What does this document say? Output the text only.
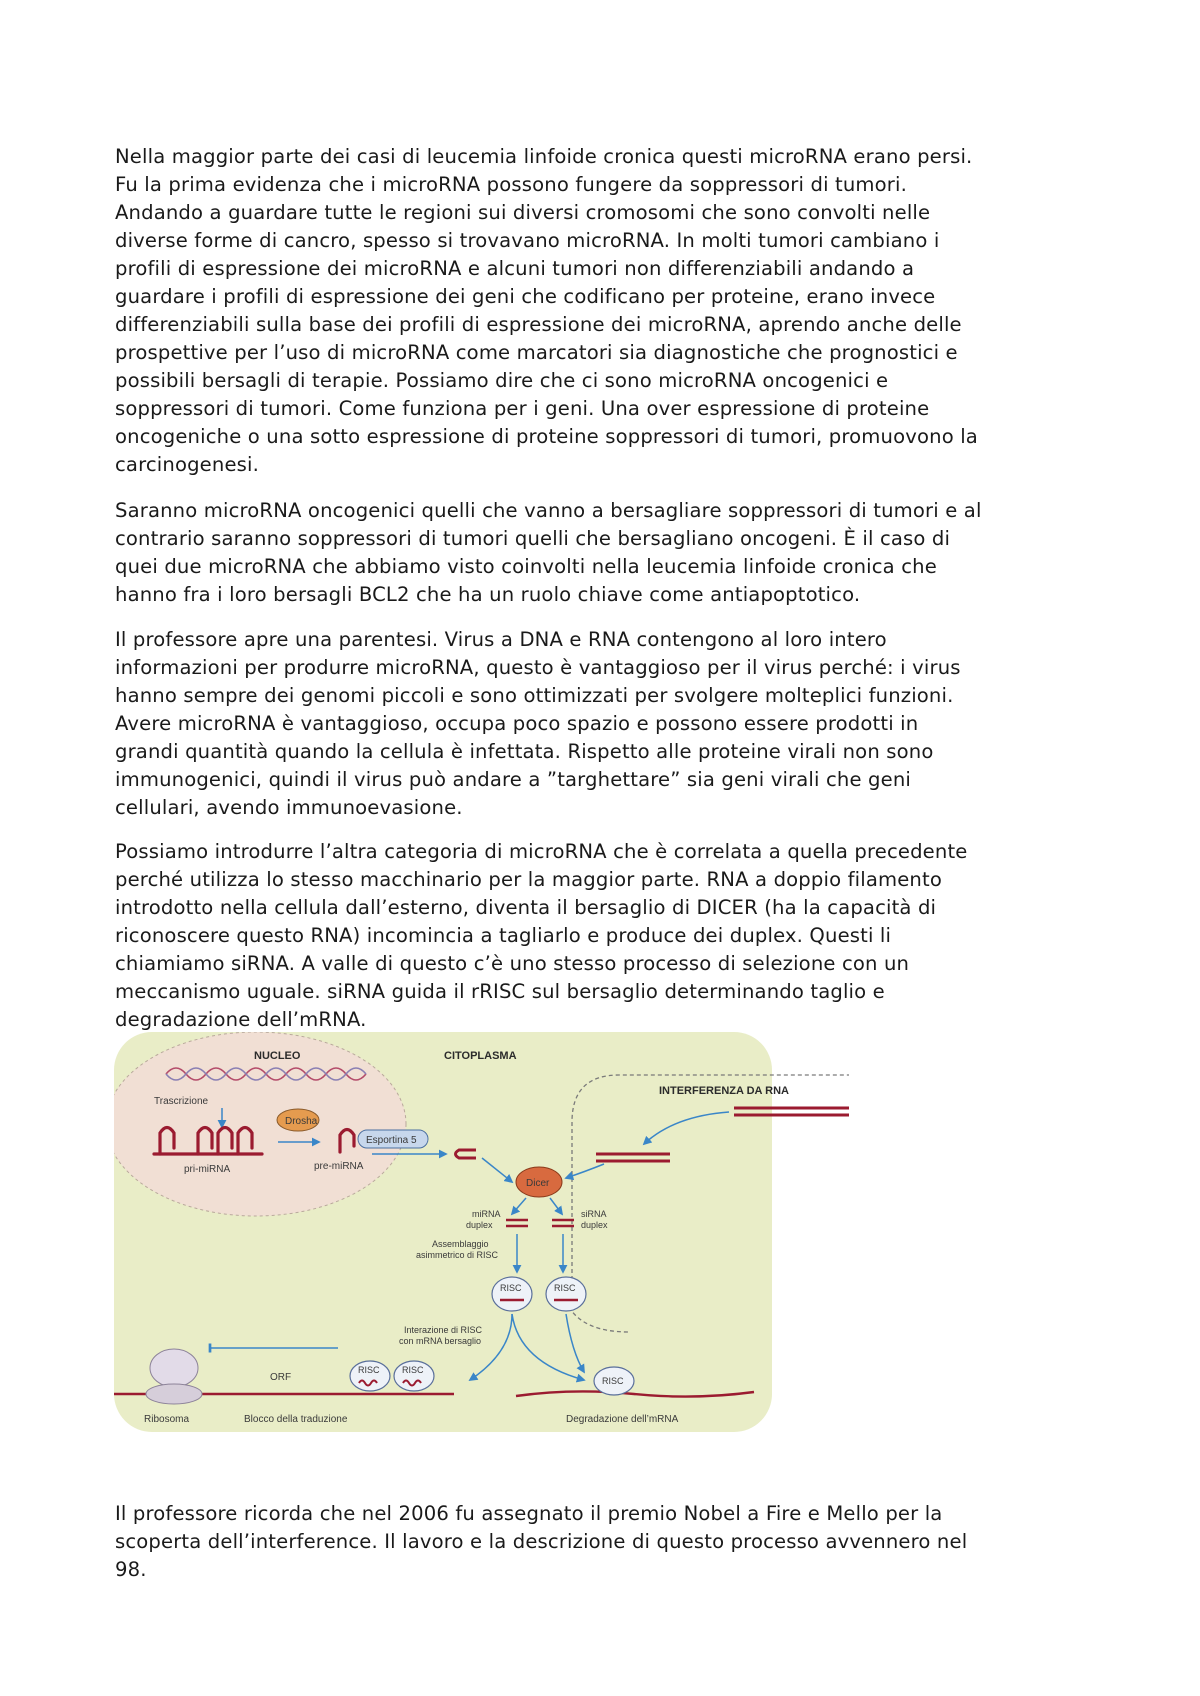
Nella maggior parte dei casi di leucemia linfoide cronica questi microRNA erano persi.
Fu la prima evidenza che i microRNA possono fungere da soppressori di tumori.
Andando a guardare tutte le regioni sui diversi cromosomi che sono convolti nelle
diverse forme di cancro, spesso si trovavano microRNA. In molti tumori cambiano i
profili di espressione dei microRNA e alcuni tumori non differenziabili andando a
guardare i profili di espressione dei geni che codificano per proteine, erano invece
differenziabili sulla base dei profili di espressione dei microRNA, aprendo anche delle
prospettive per l’uso di microRNA come marcatori sia diagnostiche che prognostici e
possibili bersagli di terapie. Possiamo dire che ci sono microRNA oncogenici e
soppressori di tumori. Come funziona per i geni. Una over espressione di proteine
oncogeniche o una sotto espressione di proteine soppressori di tumori, promuovono la
carcinogenesi.

Saranno microRNA oncogenici quelli che vanno a bersagliare soppressori di tumori e al
contrario saranno soppressori di tumori quelli che bersagliano oncogeni. È il caso di
quei due microRNA che abbiamo visto coinvolti nella leucemia linfoide cronica che
hanno fra i loro bersagli BCL2 che ha un ruolo chiave come antiapoptotico.

Il professore apre una parentesi. Virus a DNA e RNA contengono al loro intero
informazioni per produrre microRNA, questo è vantaggioso per il virus perché: i virus
hanno sempre dei genomi piccoli e sono ottimizzati per svolgere molteplici funzioni.
Avere microRNA è vantaggioso, occupa poco spazio e possono essere prodotti in
grandi quantità quando la cellula è infettata. Rispetto alle proteine virali non sono
immunogenici, quindi il virus può andare a ”targhettare” sia geni virali che geni
cellulari, avendo immunoevasione.

Possiamo introdurre l’altra categoria di microRNA che è correlata a quella precedente
perché utilizza lo stesso macchinario per la maggior parte. RNA a doppio filamento
introdotto nella cellula dall’esterno, diventa il bersaglio di DICER (ha la capacità di
riconoscere questo RNA) incomincia a tagliarlo e produce dei duplex. Questi li
chiamiamo siRNA. A valle di questo c’è uno stesso processo di selezione con un
meccanismo uguale. siRNA guida il rRISC sul bersaglio determinando taglio e
degradazione dell’mRNA.

NUCLEO	CITOPLASMA
INTERFERENZA DA RNA
Trascrizione
pri-miRNA
Drosha
pre-miRNA
Esportina 5
Dicer
miRNA
duplex
siRNA
duplex
Assemblaggio
asimmetrico di RISC
RISC	RISC
Interazione di RISC
con mRNA bersaglio
Ribosoma
ORF
Blocco della traduzione
RISC RISC
RISC
Degradazione dell’mRNA

Il professore ricorda che nel 2006 fu assegnato il premio Nobel a Fire e Mello per la
scoperta dell’interference. Il lavoro e la descrizione di questo processo avvennero nel
98.
